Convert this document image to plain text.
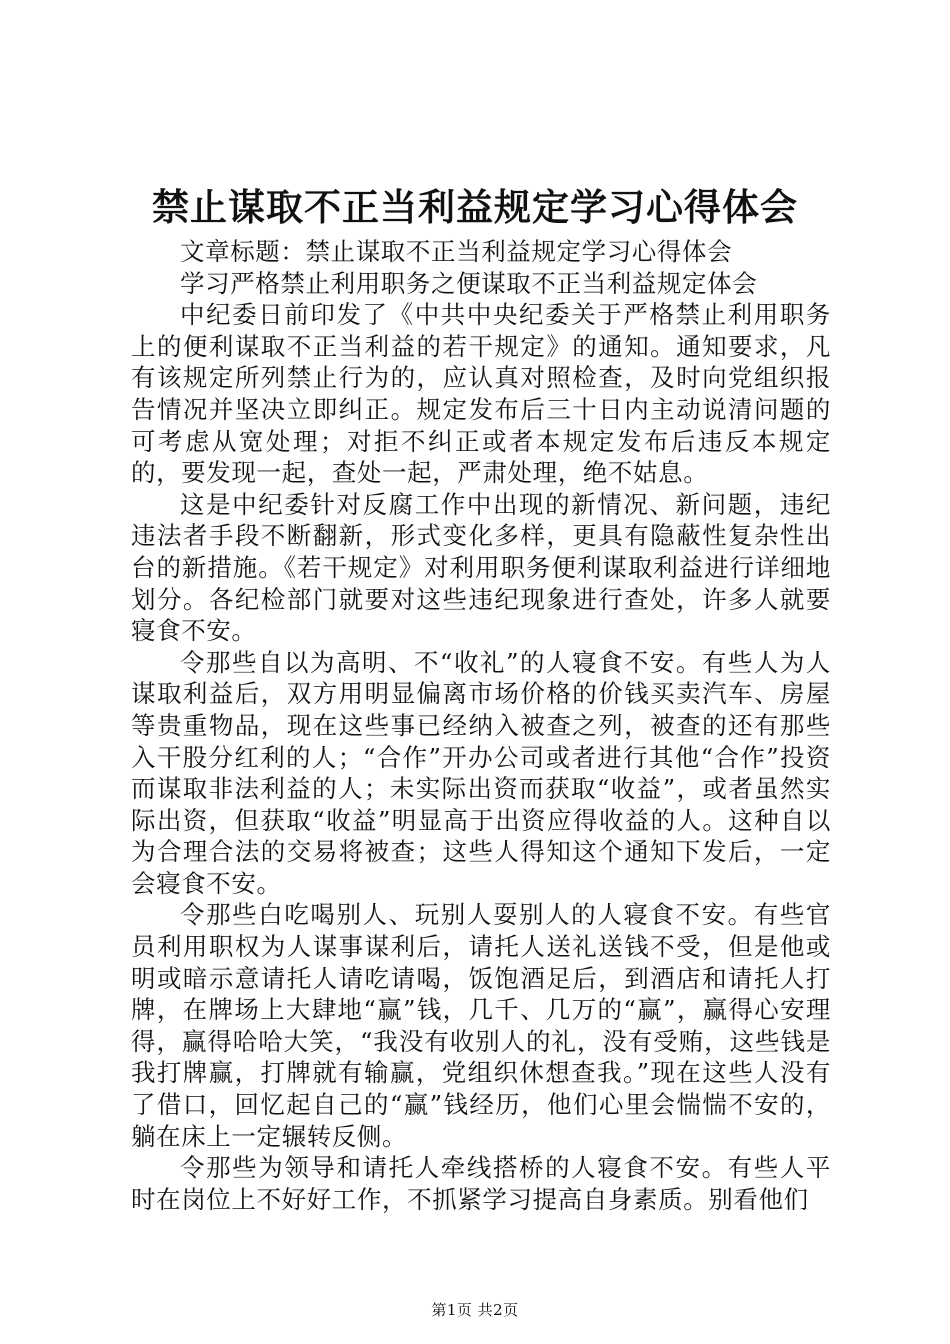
禁止谋取不正当利益规定学习心得体会

文章标题：禁止谋取不正当利益规定学习心得体会

学习严格禁止利用职务之便谋取不正当利益规定体会

中纪委日前印发了《中共中央纪委关于严格禁止利用职务上的便利谋取不正当利益的若干规定》的通知。通知要求，凡有该规定所列禁止行为的，应认真对照检查，及时向党组织报告情况并坚决立即纠正。规定发布后三十日内主动说清问题的可考虑从宽处理；对拒不纠正或者本规定发布后违反本规定的，要发现一起，查处一起，严肃处理，绝不姑息。

这是中纪委针对反腐工作中出现的新情况、新问题，违纪违法者手段不断翻新，形式变化多样，更具有隐蔽性复杂性出台的新措施。《若干规定》对利用职务便利谋取利益进行详细地划分。各纪检部门就要对这些违纪现象进行查处，许多人就要寝食不安。

令那些自以为高明、不“收礼”的人寝食不安。有些人为人谋取利益后，双方用明显偏离市场价格的价钱买卖汽车、房屋等贵重物品，现在这些事已经纳入被查之列，被查的还有那些入干股分红利的人；“合作”开办公司或者进行其他“合作”投资而谋取非法利益的人；未实际出资而获取“收益”，或者虽然实际出资，但获取“收益”明显高于出资应得收益的人。这种自以为合理合法的交易将被查；这些人得知这个通知下发后，一定会寝食不安。

令那些白吃喝别人、玩别人耍别人的人寝食不安。有些官员利用职权为人谋事谋利后，请托人送礼送钱不受，但是他或明或暗示意请托人请吃请喝，饭饱酒足后，到酒店和请托人打牌，在牌场上大肆地“赢”钱，几千、几万的“赢”，赢得心安理得，赢得哈哈大笑，“我没有收别人的礼，没有受贿，这些钱是我打牌赢，打牌就有输赢，党组织休想查我。”现在这些人没有了借口，回忆起自己的“赢”钱经历，他们心里会惴惴不安的，躺在床上一定辗转反侧。

令那些为领导和请托人牵线搭桥的人寝食不安。有些人平时在岗位上不好好工作，不抓紧学习提高自身素质。别看他们

第1页 共2页
